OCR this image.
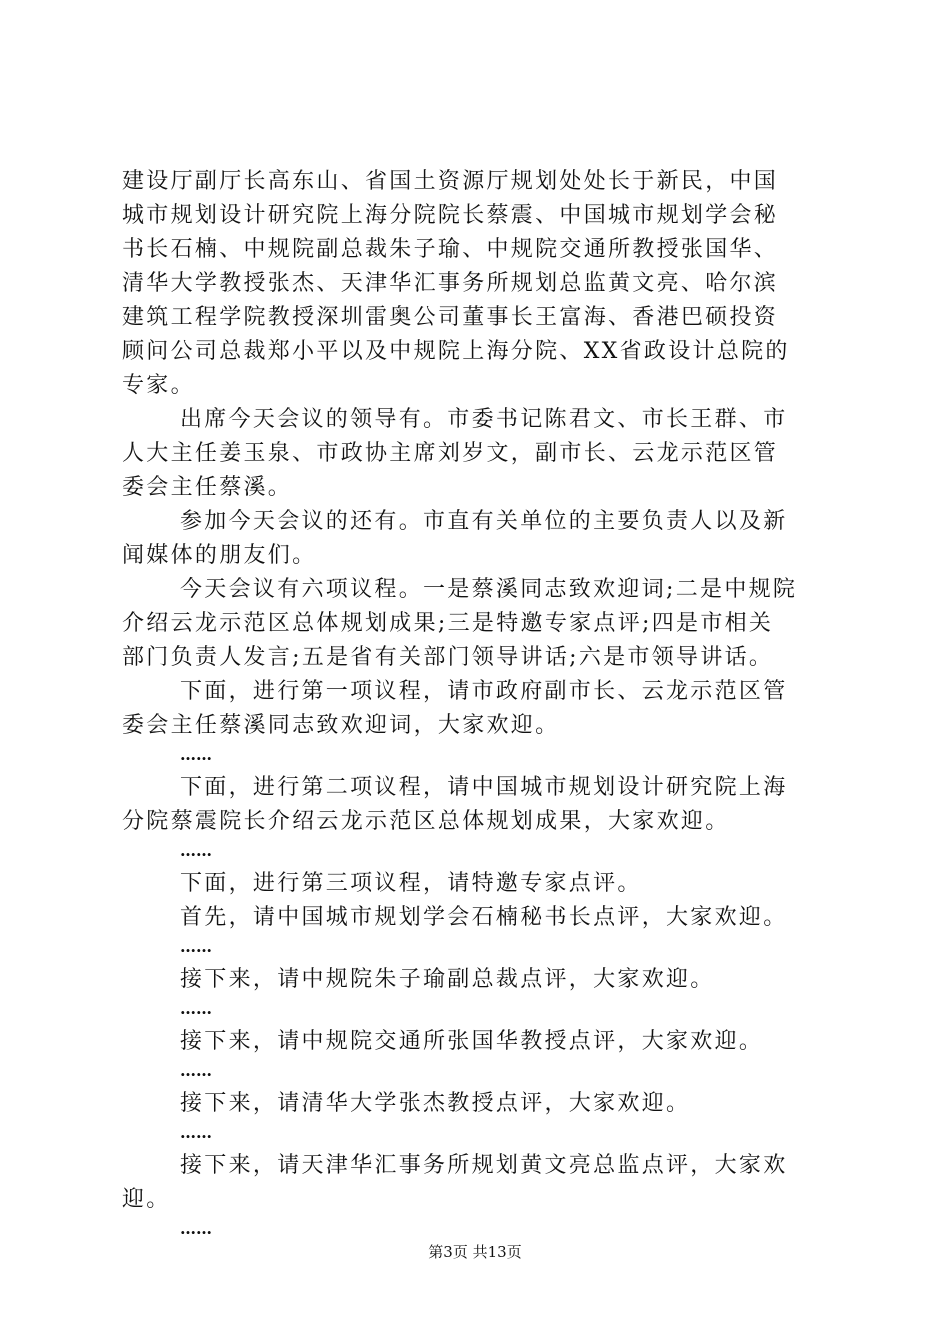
建设厅副厅长高东山、省国土资源厅规划处处长于新民，中国
城市规划设计研究院上海分院院长蔡震、中国城市规划学会秘
书长石楠、中规院副总裁朱子瑜、中规院交通所教授张国华、
清华大学教授张杰、天津华汇事务所规划总监黄文亮、哈尔滨
建筑工程学院教授深圳雷奥公司董事长王富海、香港巴硕投资
顾问公司总裁郑小平以及中规院上海分院、XX省政设计总院的
专家。
出席今天会议的领导有。市委书记陈君文、市长王群、市
人大主任姜玉泉、市政协主席刘岁文，副市长、云龙示范区管
委会主任蔡溪。
参加今天会议的还有。市直有关单位的主要负责人以及新
闻媒体的朋友们。
今天会议有六项议程。一是蔡溪同志致欢迎词;二是中规院
介绍云龙示范区总体规划成果;三是特邀专家点评;四是市相关
部门负责人发言;五是省有关部门领导讲话;六是市领导讲话。
下面，进行第一项议程，请市政府副市长、云龙示范区管
委会主任蔡溪同志致欢迎词，大家欢迎。
……
下面，进行第二项议程，请中国城市规划设计研究院上海
分院蔡震院长介绍云龙示范区总体规划成果，大家欢迎。
……
下面，进行第三项议程，请特邀专家点评。
首先，请中国城市规划学会石楠秘书长点评，大家欢迎。
……
接下来，请中规院朱子瑜副总裁点评，大家欢迎。
……
接下来，请中规院交通所张国华教授点评，大家欢迎。
……
接下来，请清华大学张杰教授点评，大家欢迎。
……
接下来，请天津华汇事务所规划黄文亮总监点评，大家欢
迎。
……
第3页 共13页
